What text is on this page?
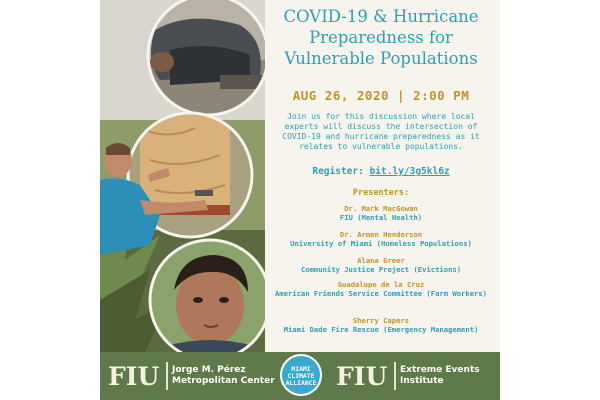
COVID-19 & Hurricane Preparedness for Vulnerable Populations
AUG 26, 2020 | 2:00 PM

Join us for this discussion where local experts will discuss the intersection of COVID-19 and hurricane preparedness as it relates to vulnerable populations.

Register: bit.ly/3g5kl6z
Presenters:
Dr. Mark MacGowan
FIU (Mental Health)
Dr. Armen Henderson
University of Miami (Homeless Populations)
Alana Greer
Community Justice Project (Evictions)
Guadalupe de la Cruz
American Friends Service Committee (Farm Workers)
Sherry Capers
Miami Dade Fire Rescue (Emergency Management)
FIU Jorge M. Pérez
Metropolitan Center
MIAMI
CLIMATE
ALLIANCE FIU Extreme Events
Institute
